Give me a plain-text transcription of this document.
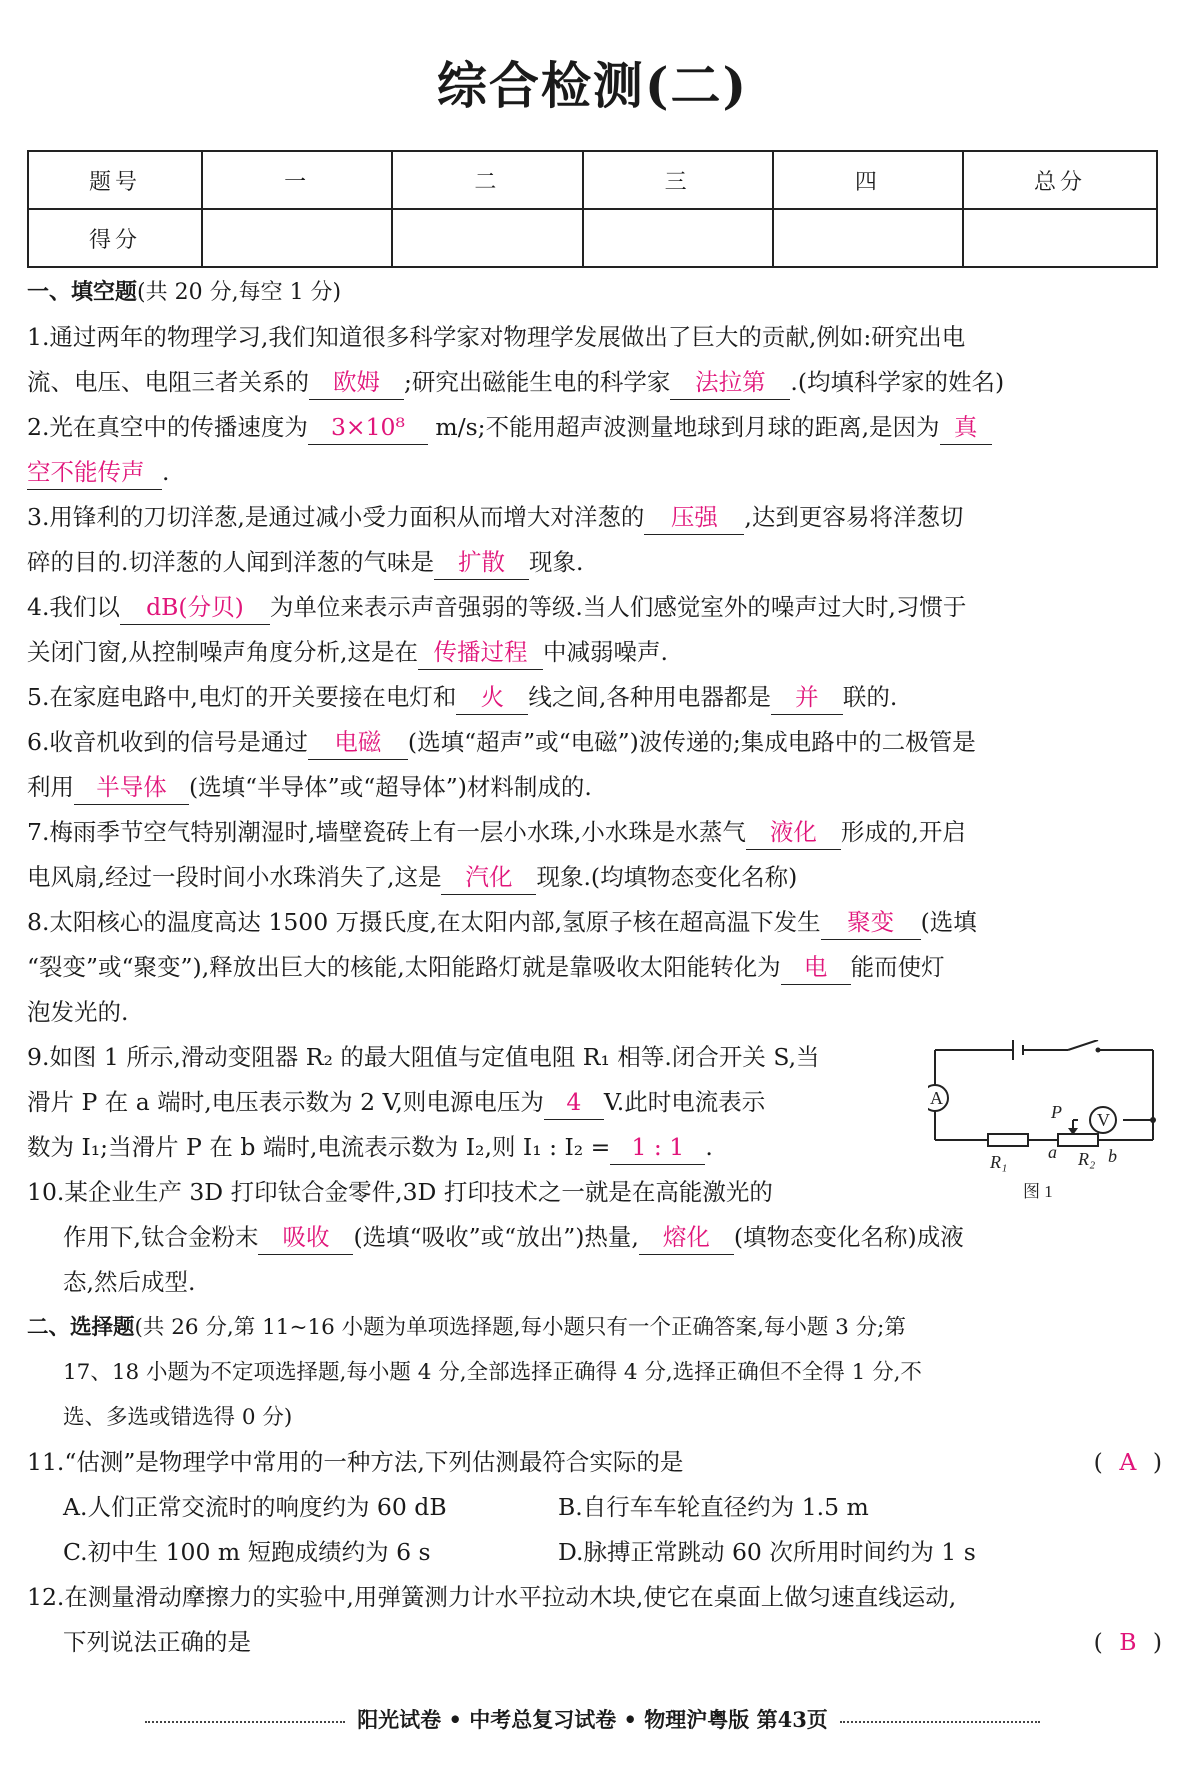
综合检测(二)
题号	一	二	三	四	总分
得分					
一、填空题(共 20 分,每空 1 分)
1.通过两年的物理学习,我们知道很多科学家对物理学发展做出了巨大的贡献,例如:研究出电
流、电压、电阻三者关系的 欧姆 ;研究出磁能生电的科学家 法拉第 .(均填科学家的姓名)
2.光在真空中的传播速度为 3×10⁸ m/s;不能用超声波测量地球到月球的距离,是因为 真
空不能传声 .
3.用锋利的刀切洋葱,是通过减小受力面积从而增大对洋葱的 压强 ,达到更容易将洋葱切
碎的目的.切洋葱的人闻到洋葱的气味是 扩散 现象.
4.我们以 dB(分贝) 为单位来表示声音强弱的等级.当人们感觉室外的噪声过大时,习惯于
关闭门窗,从控制噪声角度分析,这是在 传播过程 中减弱噪声.
5.在家庭电路中,电灯的开关要接在电灯和 火 线之间,各种用电器都是 并 联的.
6.收音机收到的信号是通过 电磁 (选填“超声”或“电磁”)波传递的;集成电路中的二极管是
利用 半导体 (选填“半导体”或“超导体”)材料制成的.
7.梅雨季节空气特别潮湿时,墙壁瓷砖上有一层小水珠,小水珠是水蒸气 液化 形成的,开启
电风扇,经过一段时间小水珠消失了,这是 汽化 现象.(均填物态变化名称)
8.太阳核心的温度高达 1500 万摄氏度,在太阳内部,氢原子核在超高温下发生 聚变 (选填
“裂变”或“聚变”),释放出巨大的核能,太阳能路灯就是靠吸收太阳能转化为 电 能而使灯
泡发光的.
9.如图 1 所示,滑动变阻器 R₂ 的最大阻值与定值电阻 R₁ 相等.闭合开关 S,当
滑片 P 在 a 端时,电压表示数为 2 V,则电源电压为 4 V.此时电流表示
数为 I₁;当滑片 P 在 b 端时,电流表示数为 I₂,则 I₁ : I₂ = 1 : 1 .
10.某企业生产 3D 打印钛合金零件,3D 打印技术之一就是在高能激光的
作用下,钛合金粉末 吸收 (选填“吸收”或“放出”)热量, 熔化 (填物态变化名称)成液
态,然后成型.
二、选择题(共 26 分,第 11~16 小题为单项选择题,每小题只有一个正确答案,每小题 3 分;第
17、18 小题为不定项选择题,每小题 4 分,全部选择正确得 4 分,选择正确但不全得 1 分,不
选、多选或错选得 0 分)
11.“估测”是物理学中常用的一种方法,下列估测最符合实际的是	( A )
A.人们正常交流时的响度约为 60 dB	B.自行车车轮直径约为 1.5 m
C.初中生 100 m 短跑成绩约为 6 s	D.脉搏正常跳动 60 次所用时间约为 1 s
12.在测量滑动摩擦力的实验中,用弹簧测力计水平拉动木块,使它在桌面上做匀速直线运动,
下列说法正确的是	( B )
A
V
P
a	b
R₁	R₂
图 1
阳光试卷 • 中考总复习试卷 • 物理沪粤版 第43页
